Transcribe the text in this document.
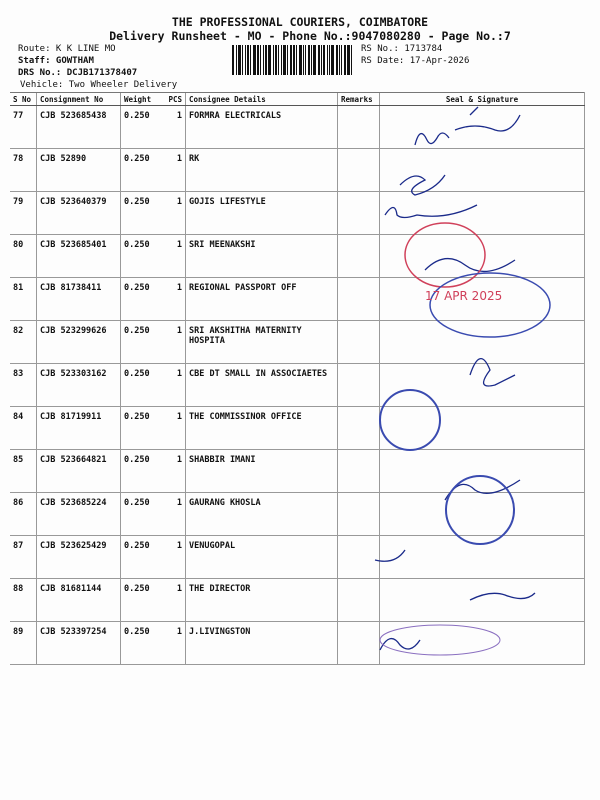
THE PROFESSIONAL COURIERS, COIMBATORE
Delivery Runsheet - MO - Phone No.:9047080280 - Page No.:7
Route: K K LINE MO
Staff: GOWTHAM
DRS No.: DCJB171378407
Vehicle: Two Wheeler Delivery
RS No.: 1713784
RS Date: 17-Apr-2026
S No	Consignment No	Weight	PCS	Consignee Details	Remarks	Seal & Signature
77	CJB 523685438	0.250	1	FORMRA ELECTRICALS		
78	CJB 52890	0.250	1	RK		
79	CJB 523640379	0.250	1	GOJIS LIFESTYLE		
80	CJB 523685401	0.250	1	SRI MEENAKSHI		
81	CJB 81738411	0.250	1	REGIONAL PASSPORT OFF		
82	CJB 523299626	0.250	1	SRI AKSHITHA MATERNITY HOSPITA		
83	CJB 523303162	0.250	1	CBE DT SMALL IN ASSOCIAETES		
84	CJB 81719911	0.250	1	THE COMMISSINOR OFFICE		
85	CJB 523664821	0.250	1	SHABBIR IMANI		
86	CJB 523685224	0.250	1	GAURANG KHOSLA		
87	CJB 523625429	0.250	1	VENUGOPAL		
88	CJB 81681144	0.250	1	THE DIRECTOR		
89	CJB 523397254	0.250	1	J.LIVINGSTON		
17 APR 2025
